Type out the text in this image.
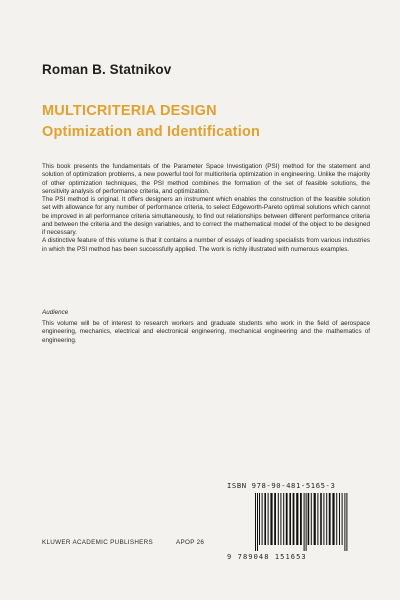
Roman B. Statnikov
MULTICRITERIA DESIGN
Optimization and Identification

This book presents the fundamentals of the Parameter Space Investigation (PSI) method for the statement and solution of optimization problems, a new powerful tool for multicriteria optimization in engineering. Unlike the majority of other optimization techniques, the PSI method combines the formation of the set of feasible solutions, the sensitivity analysis of performance criteria, and optimization.

The PSI method is original. It offers designers an instrument which enables the construction of the feasible solution set with allowance for any number of performance criteria, to select Edgeworth-Pareto optimal solutions which cannot be improved in all performance criteria simultaneously, to find out relationships between different performance criteria and between the criteria and the design variables, and to correct the mathematical model of the object to be designed if necessary.

A distinctive feature of this volume is that it contains a number of essays of leading specialists from various industries in which the PSI method has been successfully applied. The work is richly illustrated with numerous examples.

Audience
This volume will be of interest to research workers and graduate students who work in the field of aerospace engineering, mechanics, electrical and electronical engineering, mechanical engineering and the mathematics of engineering.
ISBN 978-90-481-5165-3
9 789048 151653
KLUWER ACADEMIC PUBLISHERS	APOP 26
